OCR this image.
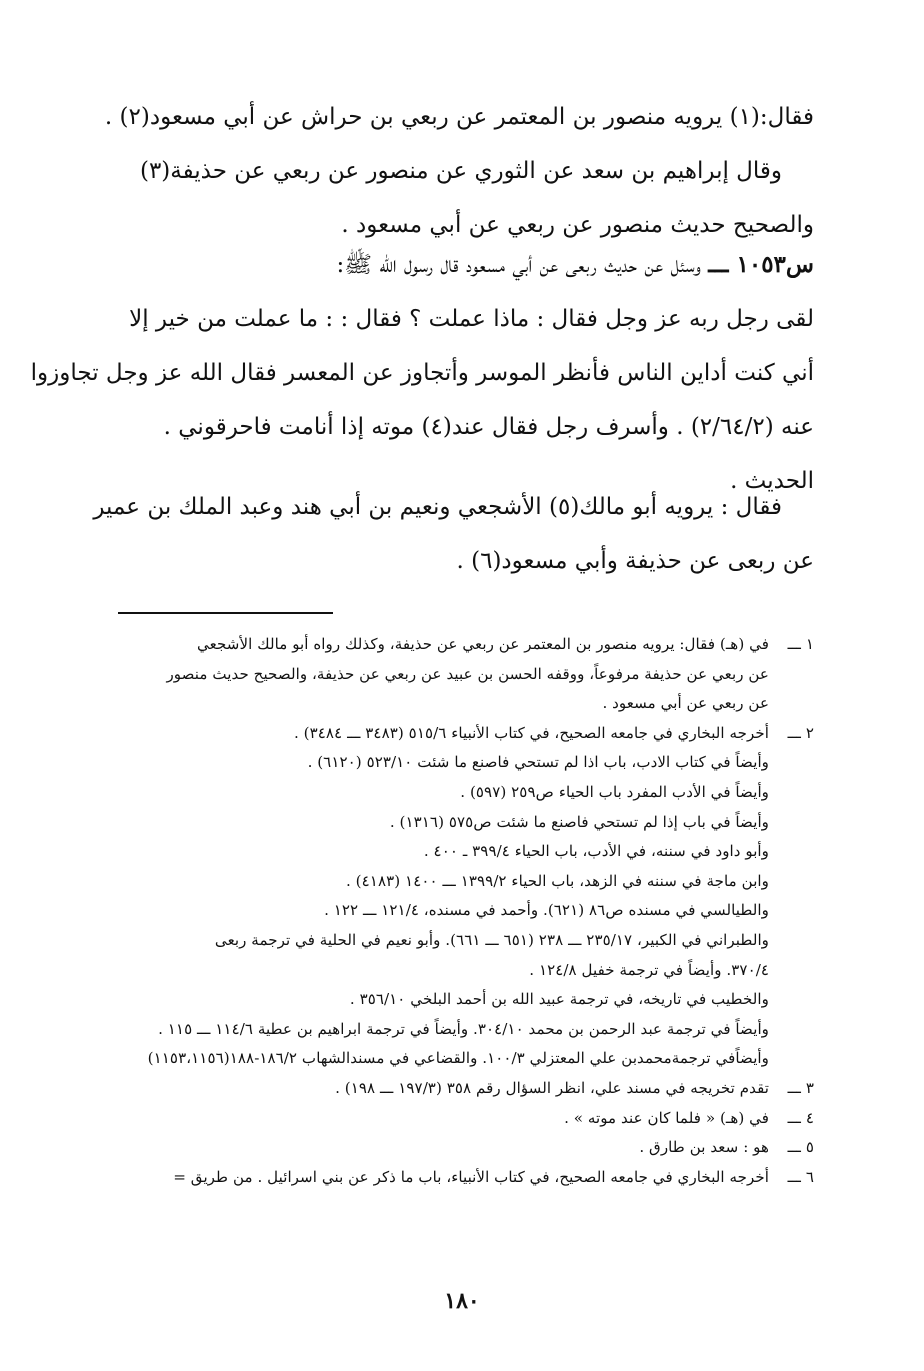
فقال:(١) يرويه منصور بن المعتمر عن ربعي بن حراش عن أبي مسعود(٢) .
وقال إبراهيم بن سعد عن الثوري عن منصور عن ربعي عن حذيفة(٣)
والصحيح حديث منصور عن ربعي عن أبي مسعود .
س١٠٥٣ ـــ وسئل عن حديث ربعى عن أبي مسعود قال رسول الله ﷺ:
لقى رجل ربه عز وجل فقال : ماذا عملت ؟ فقال : : ما عملت من خير إلا
أني كنت أداين الناس فأنظر الموسر وأتجاوز عن المعسر فقال الله عز وجل تجاوزوا
عنه (٢/٦٤/٢) . وأسرف رجل فقال عند(٤) موته إذا أنامت فاحرقوني .
الحديث .
فقال : يرويه أبو مالك(٥) الأشجعي ونعيم بن أبي هند وعبد الملك بن عمير
عن ربعى عن حذيفة وأبي مسعود(٦) .
١ ـــ
في (هـ) فقال: يرويه منصور بن المعتمر عن ربعي عن حذيفة، وكذلك رواه أبو مالك الأشجعي
عن ربعي عن حذيفة مرفوعاً، ووقفه الحسن بن عبيد عن ربعي عن حذيفة، والصحيح حديث منصور
عن ربعي عن أبي مسعود .
٢ ـــ
أخرجه البخاري في جامعه الصحيح، في كتاب الأنبياء ٥١٥/٦ (٣٤٨٣ ـــ ٣٤٨٤) .
وأيضاً في كتاب الادب، باب اذا لم تستحي فاصنع ما شئت ٥٢٣/١٠ (٦١٢٠) .
وأيضاً في الأدب المفرد باب الحياء ص٢٥٩ (٥٩٧) .
وأيضاً في باب إذا لم تستحي فاصنع ما شئت ص٥٧٥ (١٣١٦) .
وأبو داود في سننه، في الأدب، باب الحياء ٣٩٩/٤ ـ ٤٠٠ .
وابن ماجة في سننه في الزهد، باب الحياء ١٣٩٩/٢ ـــ ١٤٠٠ (٤١٨٣) .
والطيالسي في مسنده ص٨٦ (٦٢١). وأحمد في مسنده، ١٢١/٤ ـــ ١٢٢ .
والطبراني في الكبير، ٢٣٥/١٧ ـــ ٢٣٨ (٦٥١ ـــ ٦٦١). وأبو نعيم في الحلية في ترجمة ربعى
٣٧٠/٤. وأيضاً في ترجمة خفيل ١٢٤/٨ .
والخطيب في تاريخه، في ترجمة عبيد الله بن أحمد البلخي ٣٥٦/١٠ .
وأيضاً في ترجمة عبد الرحمن بن محمد ٣٠٤/١٠. وأيضاً في ترجمة ابراهيم بن عطية ١١٤/٦ ـــ ١١٥ .
وأيضاًفي ترجمةمحمدبن علي المعتزلي ١٠٠/٣. والقضاعي في مسندالشهاب ١٨٦/٢-١٨٨(١١٥٣،١١٥٦)
٣ ـــ
تقدم تخريجه في مسند علي، انظر السؤال رقم ٣٥٨ (١٩٧/٣ ـــ ١٩٨) .
٤ ـــ
في (هـ) « فلما كان عند موته » .
٥ ـــ
هو : سعد بن طارق .
٦ ـــ
أخرجه البخاري في جامعه الصحيح، في كتاب الأنبياء، باب ما ذكر عن بني اسرائيل . من طريق =
١٨٠
